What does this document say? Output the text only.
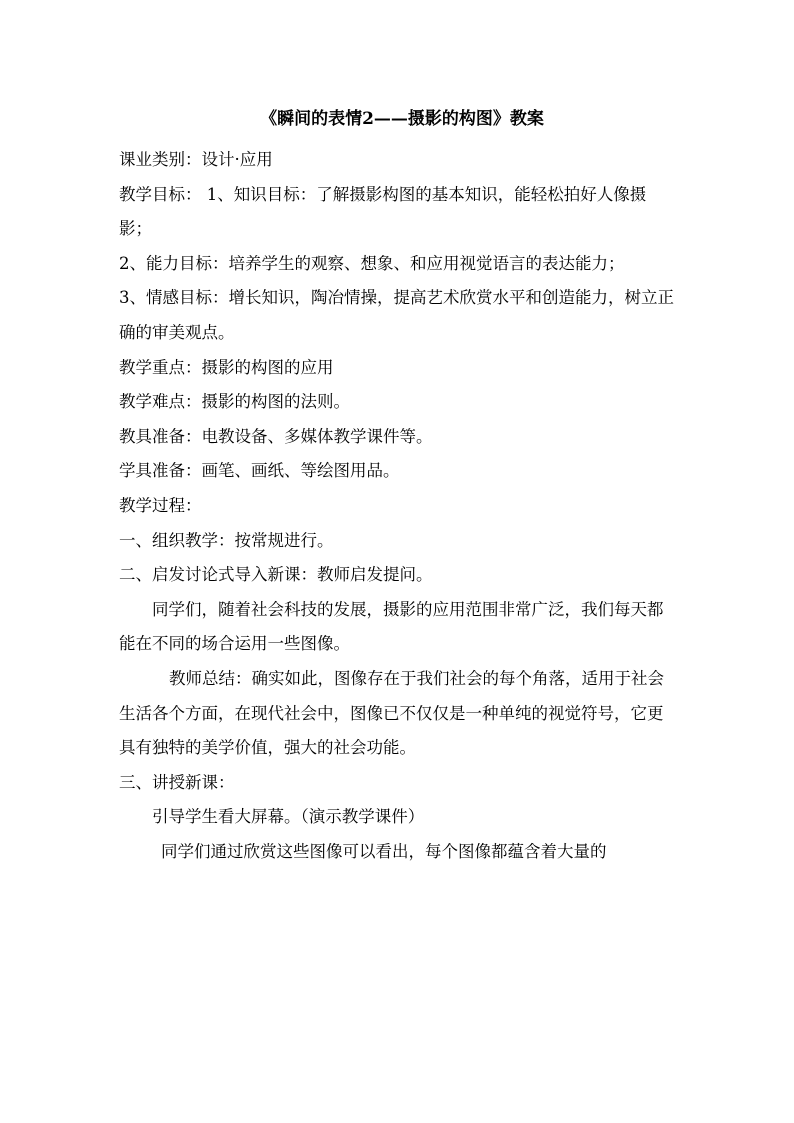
《瞬间的表情2——摄影的构图》教案

课业类别：设计·应用

教学目标： 1、知识目标：了解摄影构图的基本知识，能轻松拍好人像摄影；

2、能力目标：培养学生的观察、想象、和应用视觉语言的表达能力；

3、情感目标：增长知识，陶冶情操，提高艺术欣赏水平和创造能力，树立正确的审美观点。

教学重点：摄影的构图的应用

教学难点：摄影的构图的法则。

教具准备：电教设备、多媒体教学课件等。

学具准备：画笔、画纸、等绘图用品。

教学过程：

一、组织教学：按常规进行。

二、启发讨论式导入新课：教师启发提问。

同学们，随着社会科技的发展，摄影的应用范围非常广泛，我们每天都能在不同的场合运用一些图像。

教师总结：确实如此，图像存在于我们社会的每个角落，适用于社会生活各个方面，在现代社会中，图像已不仅仅是一种单纯的视觉符号，它更具有独特的美学价值，强大的社会功能。

三、讲授新课：

引导学生看大屏幕。（演示教学课件）

同学们通过欣赏这些图像可以看出，每个图像都蕴含着大量的
